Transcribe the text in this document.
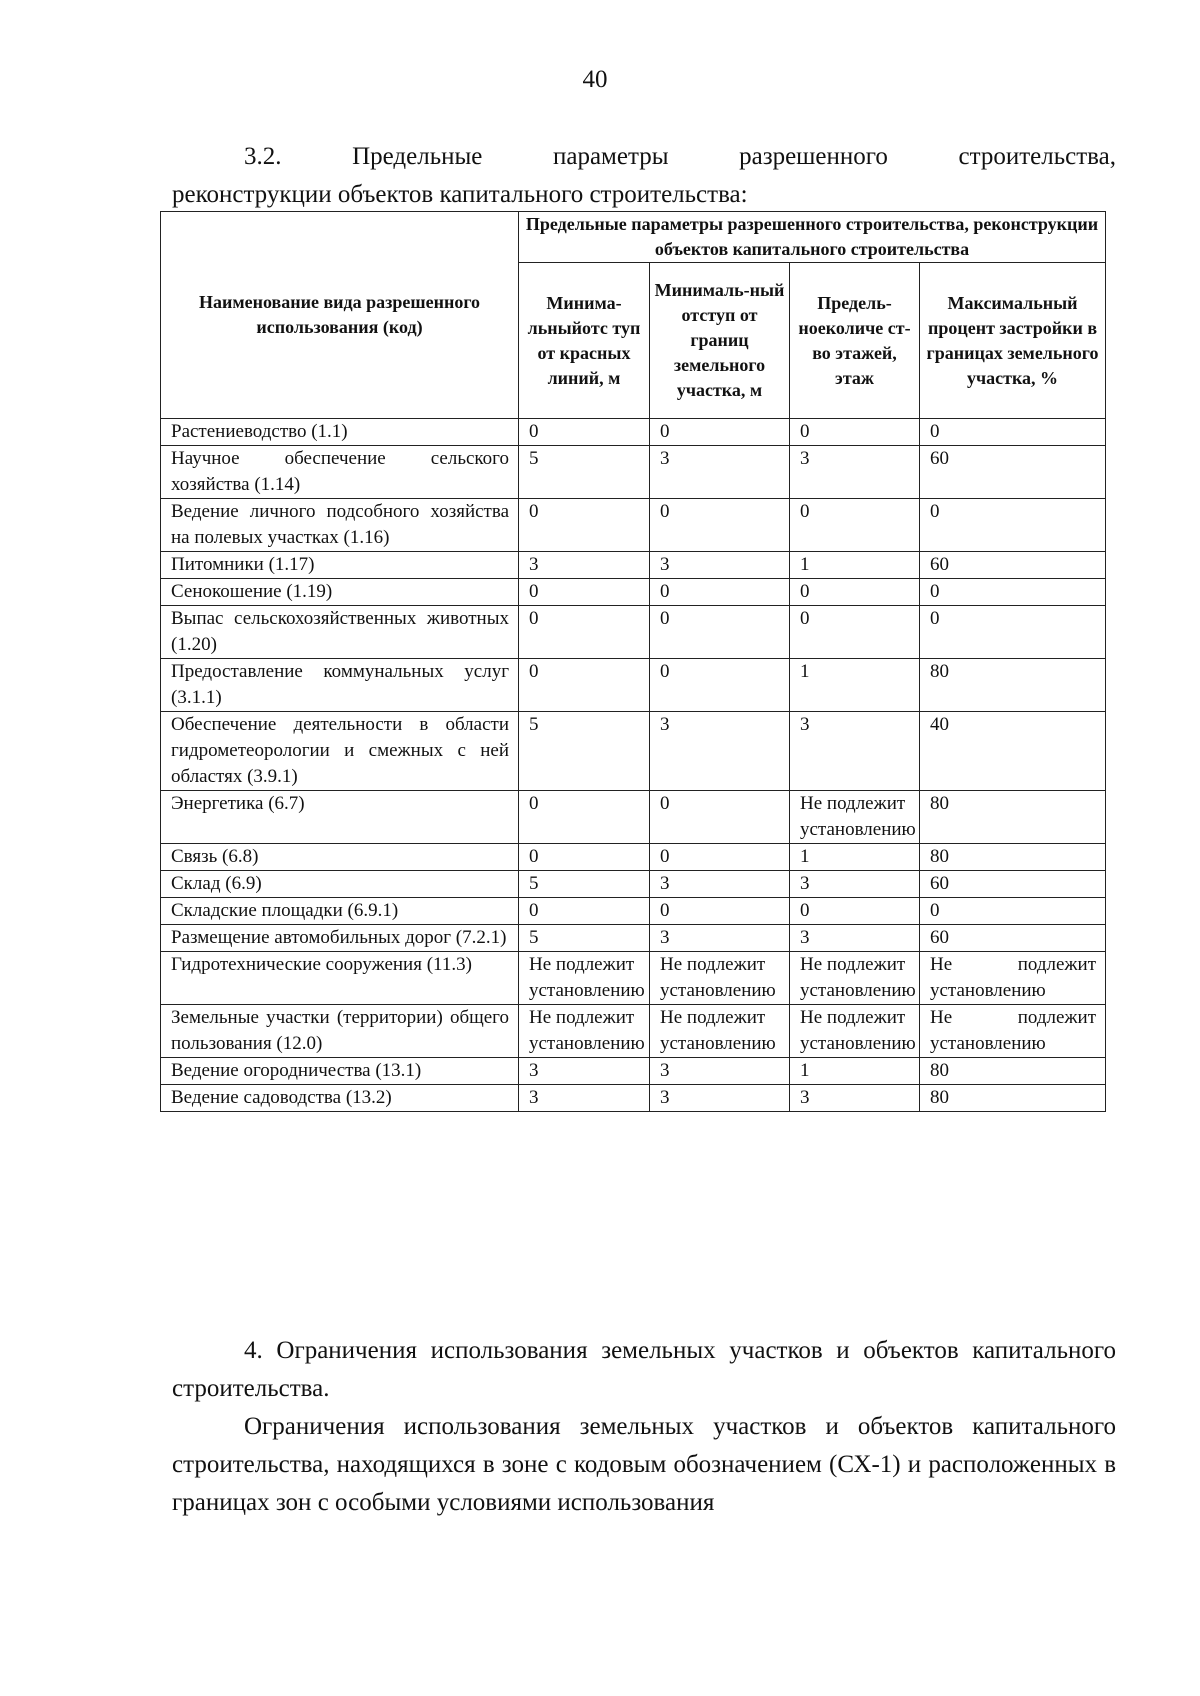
40
3.2.	Предельные	параметры	разрешенного	строительства,
реконструкции объектов капитального строительства:
Наименование вида разрешенного использования (код)	Предельные параметры разрешенного строительства, реконструкции объектов капитального строительства			
	Минима-льныйотс туп от красных линий, м	Минималь-ный отступ от границ земельного участка, м	Предель-ноеколиче ст-во этажей, этаж	Максимальный процент застройки в границах земельного участка, %
Растениеводство (1.1)	0	0	0	0
Научное обеспечение сельского хозяйства (1.14)	5	3	3	60
Ведение личного подсобного хозяйства на полевых участках (1.16)	0	0	0	0
Питомники (1.17)	3	3	1	60
Сенокошение (1.19)	0	0	0	0
Выпас сельскохозяйственных животных (1.20)	0	0	0	0
Предоставление коммунальных услуг (3.1.1)	0	0	1	80
Обеспечение деятельности в области гидрометеорологии и смежных с ней областях (3.9.1)	5	3	3	40
Энергетика (6.7)	0	0	Не подлежит установлению	80
Связь (6.8)	0	0	1	80
Склад (6.9)	5	3	3	60
Складские площадки (6.9.1)	0	0	0	0
Размещение автомобильных дорог (7.2.1)	5	3	3	60
Гидротехнические сооружения (11.3)	Не подлежит установлению	Не подлежит установлению	Не подлежит установлению	Не подлежит установлению
Земельные участки (территории) общего пользования (12.0)	Не подлежит установлению	Не подлежит установлению	Не подлежит установлению	Не подлежит установлению
Ведение огородничества (13.1)	3	3	1	80
Ведение садоводства (13.2)	3	3	3	80

4. Ограничения использования земельных участков и объектов капитального строительства.

Ограничения использования земельных участков и объектов капитального строительства, находящихся в зоне с кодовым обозначением (СХ-1) и расположенных в границах зон с особыми условиями использования
